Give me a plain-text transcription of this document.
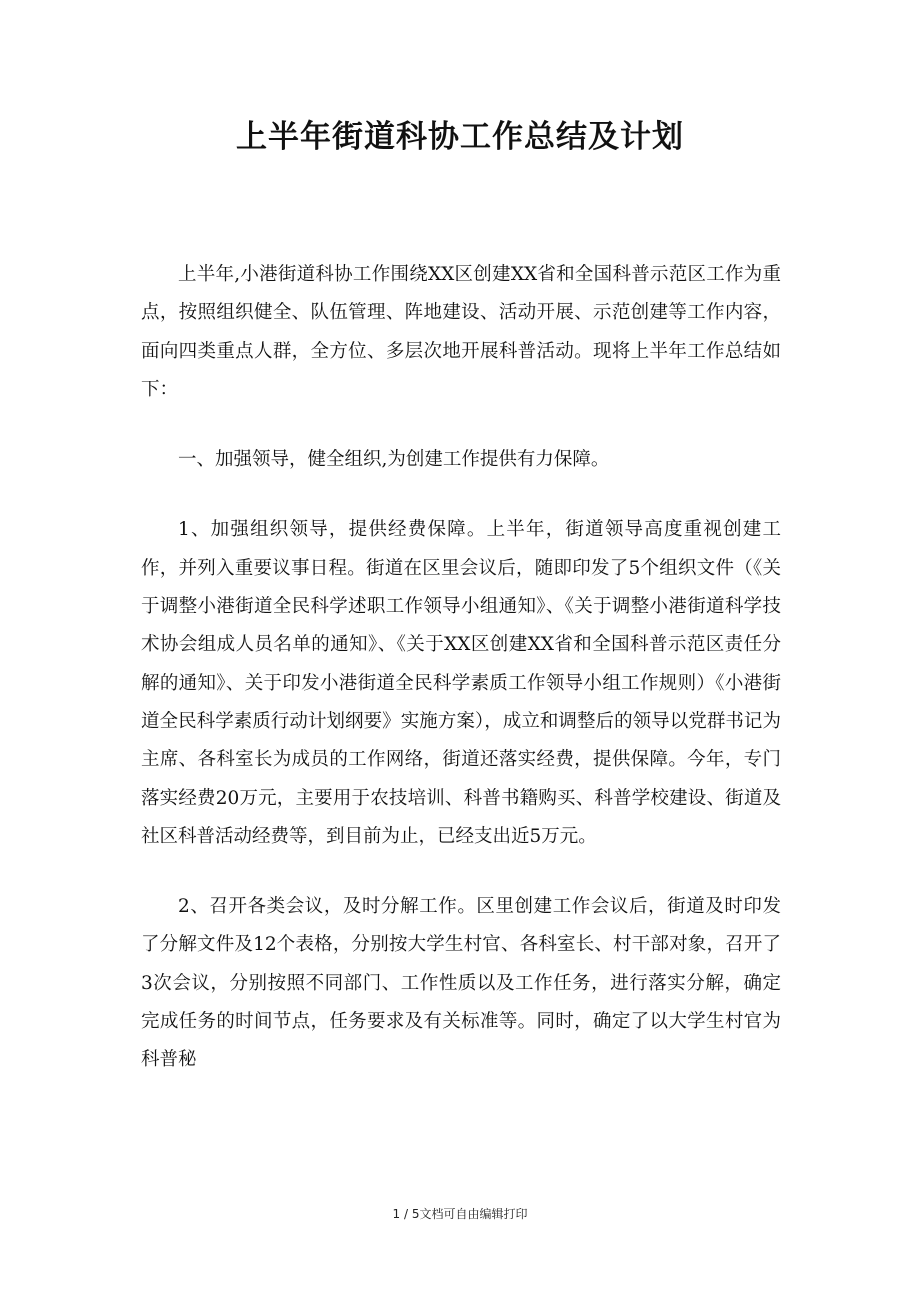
上半年街道科协工作总结及计划

上半年,小港街道科协工作围绕XX区创建XX省和全国科普示范区工作为重点，按照组织健全、队伍管理、阵地建设、活动开展、示范创建等工作内容，面向四类重点人群，全方位、多层次地开展科普活动。现将上半年工作总结如下：

一、加强领导，健全组织,为创建工作提供有力保障。

1、加强组织领导，提供经费保障。上半年，街道领导高度重视创建工作，并列入重要议事日程。街道在区里会议后，随即印发了5个组织文件（《关于调整小港街道全民科学述职工作领导小组通知》、《关于调整小港街道科学技术协会组成人员名单的通知》、《关于XX区创建XX省和全国科普示范区责任分解的通知》、关于印发小港街道全民科学素质工作领导小组工作规则）《小港街道全民科学素质行动计划纲要》实施方案），成立和调整后的领导以党群书记为主席、各科室长为成员的工作网络，街道还落实经费，提供保障。今年，专门落实经费20万元，主要用于农技培训、科普书籍购买、科普学校建设、街道及社区科普活动经费等，到目前为止，已经支出近5万元。

2、召开各类会议，及时分解工作。区里创建工作会议后，街道及时印发了分解文件及12个表格，分别按大学生村官、各科室长、村干部对象，召开了3次会议，分别按照不同部门、工作性质以及工作任务，进行落实分解，确定完成任务的时间节点，任务要求及有关标准等。同时，确定了以大学生村官为科普秘

1 / 5文档可自由编辑打印
